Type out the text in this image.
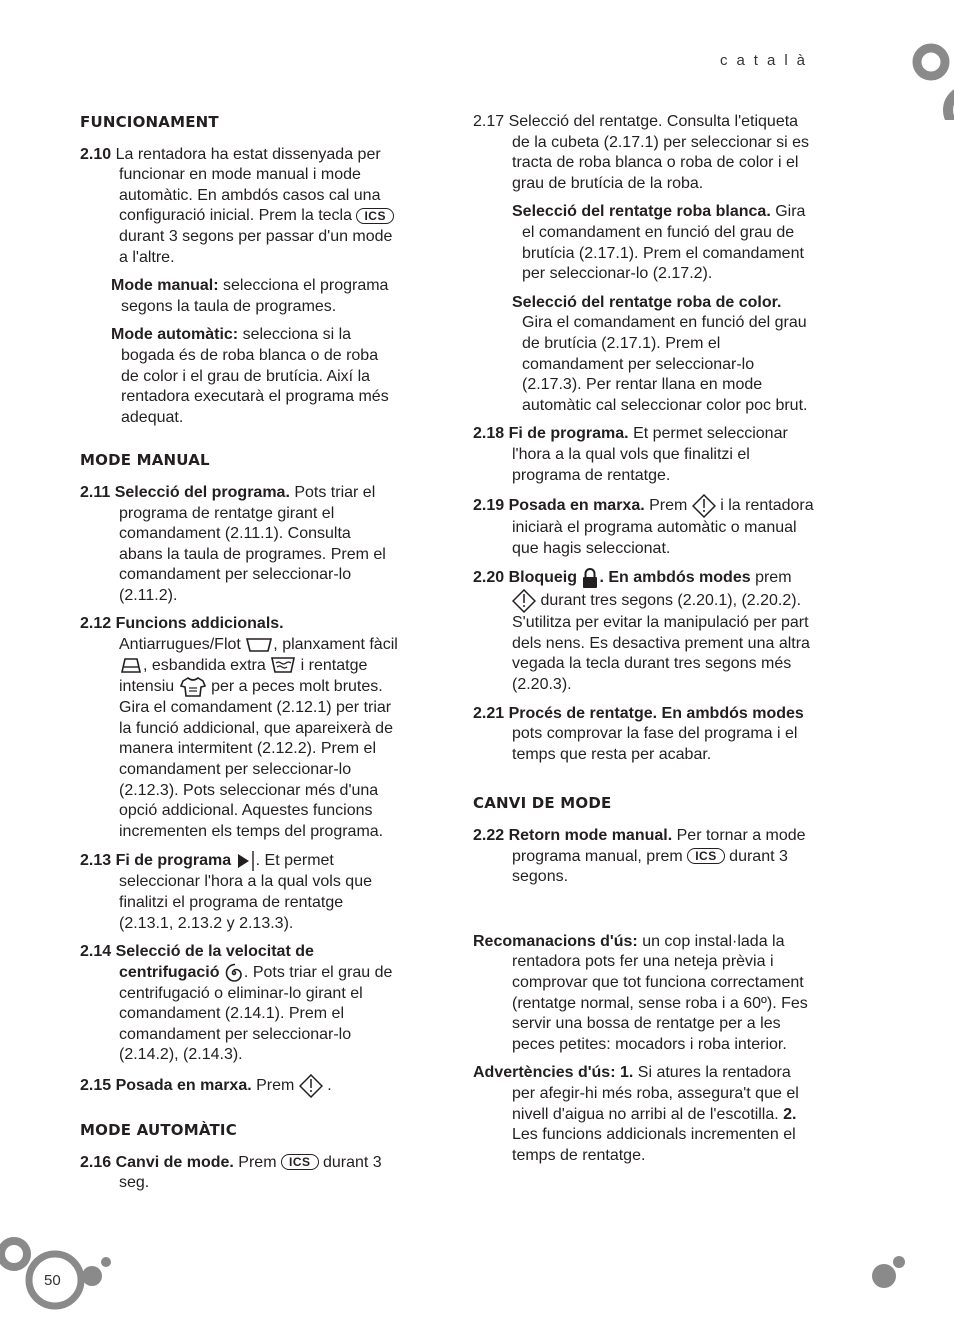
50
català
FUNCIONAMENT

2.10 La rentadora ha estat dissenyada per funcionar en mode manual i mode automàtic. En ambdós casos cal una configuració inicial. Prem la tecla ICS durant 3 segons per passar d'un mode a l'altre.

Mode manual: selecciona el programa segons la taula de programes.

Mode automàtic: selecciona si la bogada és de roba blanca o de roba de color i el grau de brutícia. Així la rentadora executarà el programa més adequat.

MODE MANUAL

2.11 Selecció del programa. Pots triar el programa de rentatge girant el comandament (2.11.1). Consulta abans la taula de programes. Prem el comandament per seleccionar-lo (2.11.2).

2.12 Funcions addicionals. Antiarrugues/Flot , planxament fàcil
, esbandida extra i rentatge intensiu per a peces molt brutes. Gira el comandament (2.12.1) per triar la funció addicional, que apareixerà de manera intermitent (2.12.2). Prem el comandament per seleccionar-lo (2.12.3). Pots seleccionar més d'una opció addicional. Aquestes funcions incrementen els temps del programa.

2.13 Fi de programa . Et permet seleccionar l'hora a la qual vols que finalitzi el programa de rentatge (2.13.1, 2.13.2 y 2.13.3).

2.14 Selecció de la velocitat de centrifugació . Pots triar el grau de centrifugació o eliminar-lo girant el comandament (2.14.1). Prem el comandament per seleccionar-lo (2.14.2), (2.14.3).

2.15 Posada en marxa. Prem .

MODE AUTOMÀTIC

2.16 Canvi de mode. Prem ICS durant 3 seg.

2.17 Selecció del rentatge. Consulta l'etiqueta de la cubeta (2.17.1) per seleccionar si es tracta de roba blanca o roba de color i el grau de brutícia de la roba.

Selecció del rentatge roba blanca. Gira el comandament en funció del grau de brutícia (2.17.1). Prem el comandament per seleccionar-lo (2.17.2).

Selecció del rentatge roba de color. Gira el comandament en funció del grau de brutícia (2.17.1). Prem el comandament per seleccionar-lo (2.17.3). Per rentar llana en mode automàtic cal seleccionar color poc brut.

2.18 Fi de programa. Et permet seleccionar l'hora a la qual vols que finalitzi el programa de rentatge.

2.19 Posada en marxa. Prem i la rentadora iniciarà el programa automàtic o manual que hagis seleccionat.

2.20 Bloqueig . En ambdós modes prem
durant tres segons (2.20.1), (2.20.2). S'utilitza per evitar la manipulació per part dels nens. Es desactiva prement una altra vegada la tecla durant tres segons més (2.20.3).

2.21 Procés de rentatge. En ambdós modes pots comprovar la fase del programa i el temps que resta per acabar.

CANVI DE MODE

2.22 Retorn mode manual. Per tornar a mode programa manual, prem ICS durant 3 segons.

Recomanacions d'ús: un cop instal·lada la rentadora pots fer una neteja prèvia i comprovar que tot funciona correctament (rentatge normal, sense roba i a 60º). Fes servir una bossa de rentatge per a les peces petites: mocadors i roba interior.

Advertències d'ús: 1. Si atures la rentadora per afegir-hi més roba, assegura't que el nivell d'aigua no arribi al de l'escotilla. 2. Les funcions addicionals incrementen el temps de rentatge.
